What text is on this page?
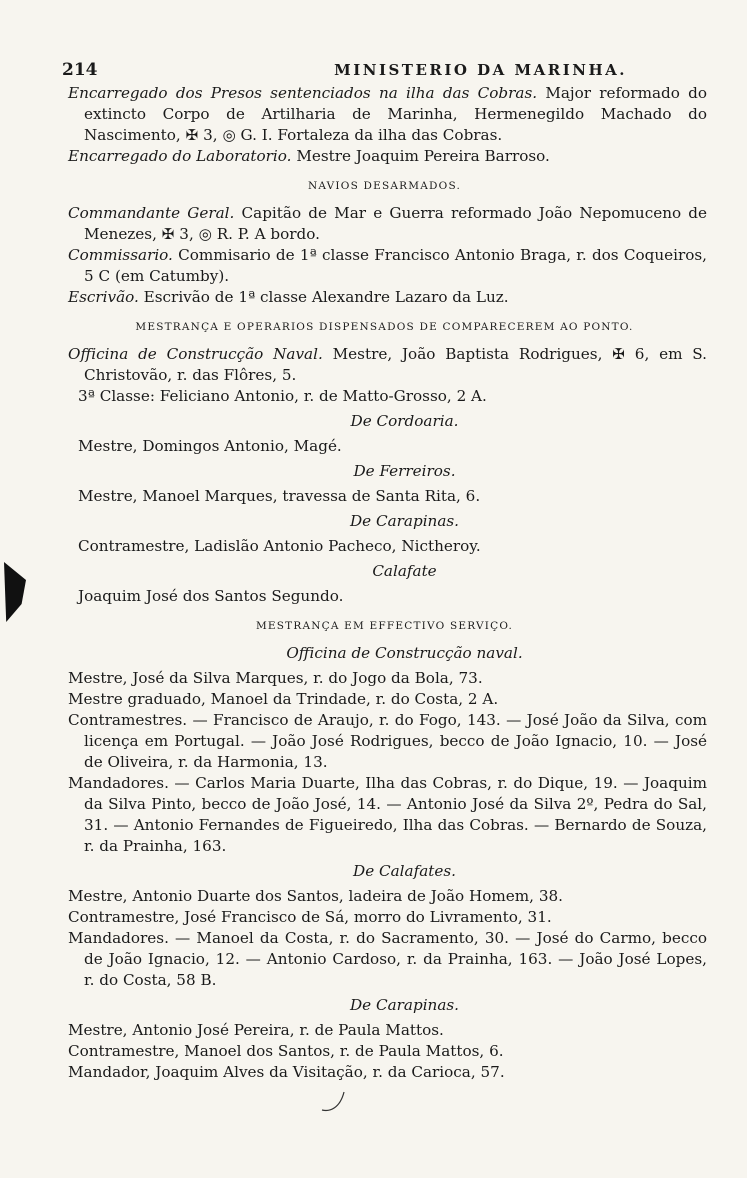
214	MINISTERIO DA MARINHA.

Encarregado dos Presos sentenciados na ilha das Cobras. Major reformado do extincto Corpo de Artilharia de Marinha, Hermenegildo Machado do Nascimento, ✠ 3, ◎ G. I. Fortaleza da ilha das Cobras.

Encarregado do Laboratorio. Mestre Joaquim Pereira Barroso.

NAVIOS DESARMADOS.

Commandante Geral. Capitão de Mar e Guerra reformado João Nepomuceno de Menezes, ✠ 3, ◎ R. P. A bordo.

Commissario. Commisario de 1ª classe Francisco Antonio Braga, r. dos Coqueiros, 5 C (em Catumby).

Escrivão. Escrivão de 1ª classe Alexandre Lazaro da Luz.

MESTRANÇA E OPERARIOS DISPENSADOS DE COMPARECEREM AO PONTO.

Officina de Construcção Naval. Mestre, João Baptista Rodrigues, ✠ 6, em S. Christovão, r. das Flôres, 5.

3ª Classe: Feliciano Antonio, r. de Matto-Grosso, 2 A.

De Cordoaria.

Mestre, Domingos Antonio, Magé.

De Ferreiros.

Mestre, Manoel Marques, travessa de Santa Rita, 6.

De Carapinas.

Contramestre, Ladislão Antonio Pacheco, Nictheroy.

Calafate

Joaquim José dos Santos Segundo.

MESTRANÇA EM EFFECTIVO SERVIÇO.
Officina de Construcção naval.

Mestre, José da Silva Marques, r. do Jogo da Bola, 73.

Mestre graduado, Manoel da Trindade, r. do Costa, 2 A.

Contramestres. — Francisco de Araujo, r. do Fogo, 143. — José João da Silva, com licença em Portugal. — João José Rodrigues, becco de João Ignacio, 10. — José de Oliveira, r. da Harmonia, 13.

Mandadores. — Carlos Maria Duarte, Ilha das Cobras, r. do Dique, 19. — Joaquim da Silva Pinto, becco de João José, 14. — Antonio José da Silva 2º, Pedra do Sal, 31. — Antonio Fernandes de Figueiredo, Ilha das Cobras. — Bernardo de Souza, r. da Prainha, 163.

De Calafates.

Mestre, Antonio Duarte dos Santos, ladeira de João Homem, 38.

Contramestre, José Francisco de Sá, morro do Livramento, 31.

Mandadores. — Manoel da Costa, r. do Sacramento, 30. — José do Carmo, becco de João Ignacio, 12. — Antonio Cardoso, r. da Prainha, 163. — João José Lopes, r. do Costa, 58 B.

De Carapinas.

Mestre, Antonio José Pereira, r. de Paula Mattos.

Contramestre, Manoel dos Santos, r. de Paula Mattos, 6.

Mandador, Joaquim Alves da Visitação, r. da Carioca, 57.
